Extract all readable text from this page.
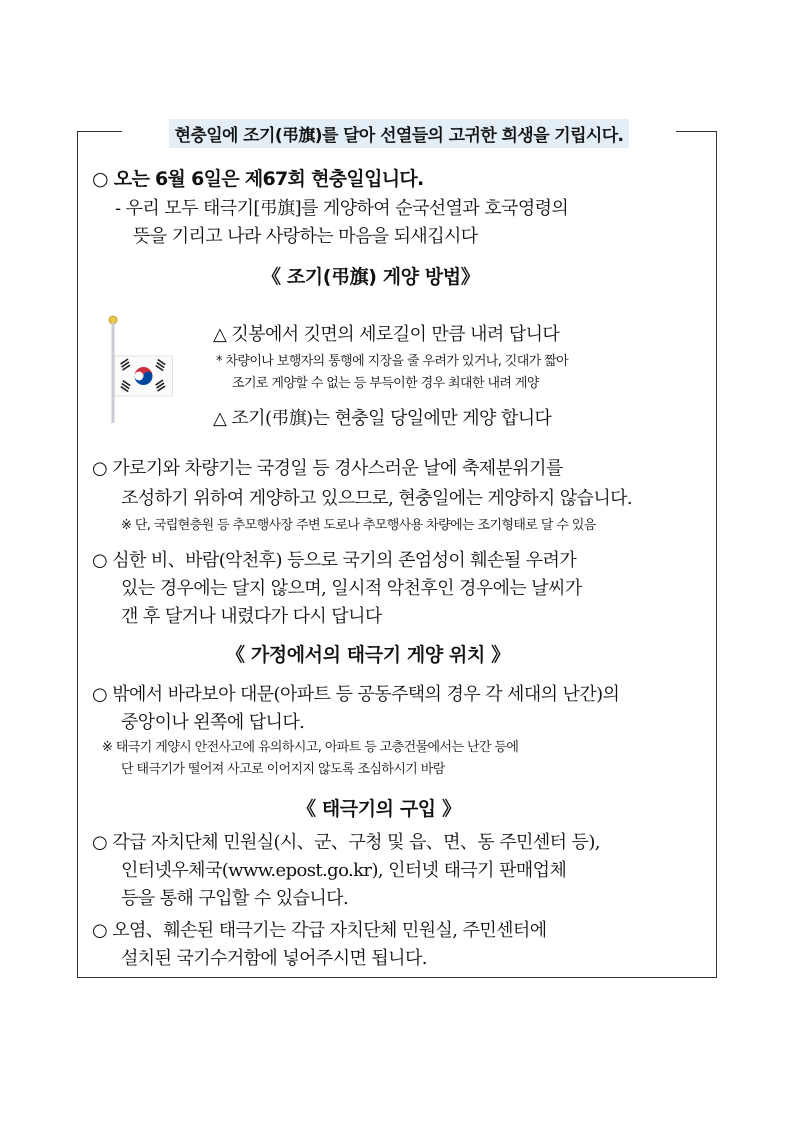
현충일에 조기(弔旗)를 달아 선열들의 고귀한 희생을 기립시다.
○ 오는 6월 6일은 제67회 현충일입니다.
- 우리 모두 태극기[弔旗]를 게양하여 순국선열과 호국영령의
뜻을 기리고 나라 사랑하는 마음을 되새깁시다
《 조기(弔旗) 게양 방법》
△ 깃봉에서 깃면의 세로길이 만큼 내려 답니다
* 차량이나 보행자의 통행에 지장을 줄 우려가 있거나, 깃대가 짧아
조기로 게양할 수 없는 등 부득이한 경우 최대한 내려 게양
△ 조기(弔旗)는 현충일 당일에만 게양 합니다
○ 가로기와 차량기는 국경일 등 경사스러운 날에 축제분위기를
조성하기 위하여 게양하고 있으므로, 현충일에는 게양하지 않습니다.
※ 단, 국립현충원 등 추모행사장 주변 도로나 추모행사용 차량에는 조기형태로 달 수 있음
○ 심한 비、바람(악천후) 등으로 국기의 존엄성이 훼손될 우려가
있는 경우에는 달지 않으며, 일시적 악천후인 경우에는 날씨가
갠 후 달거나 내렸다가 다시 답니다
《 가정에서의 태극기 게양 위치 》
○ 밖에서 바라보아 대문(아파트 등 공동주택의 경우 각 세대의 난간)의
중앙이나 왼쪽에 답니다.
※ 태극기 게양시 안전사고에 유의하시고, 아파트 등 고층건물에서는 난간 등에
단 태극기가 떨어져 사고로 이어지지 않도록 조심하시기 바람
《 태극기의 구입 》
○ 각급 자치단체 민원실(시、군、구청 및 읍、면、동 주민센터 등),
인터넷우체국(www.epost.go.kr), 인터넷 태극기 판매업체
등을 통해 구입할 수 있습니다.
○ 오염、훼손된 태극기는 각급 자치단체 민원실, 주민센터에
설치된 국기수거함에 넣어주시면 됩니다.
